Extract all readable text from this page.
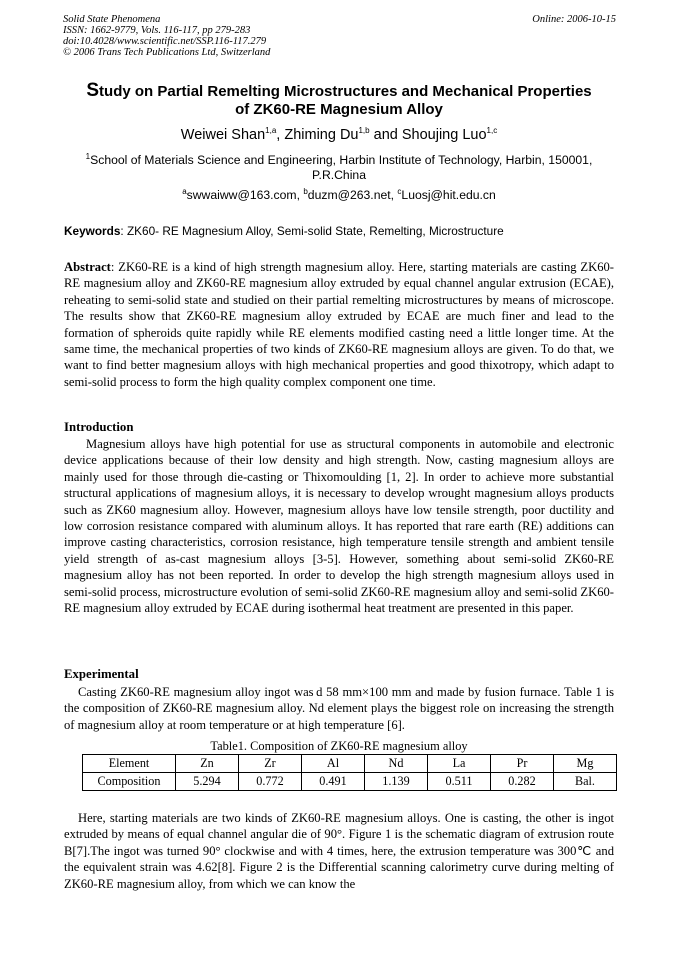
Solid State Phenomena
ISSN: 1662-9779, Vols. 116-117, pp 279-283
doi:10.4028/www.scientific.net/SSP.116-117.279
© 2006 Trans Tech Publications Ltd, Switzerland
Online: 2006-10-15
Study on Partial Remelting Microstructures and Mechanical Properties
of ZK60-RE Magnesium Alloy
Weiwei Shan$^{1,a}$, Zhiming Du$^{1,b}$ and Shoujing Luo$^{1,c}$
$^1$School of Materials Science and Engineering, Harbin Institute of Technology, Harbin, 150001, P.R.China
$^a$swwaiww@163.com, $^b$duzm@263.net, $^c$Luosj@hit.edu.cn
Keywords: ZK60- RE Magnesium Alloy, Semi-solid State, Remelting, Microstructure
Abstract: ZK60-RE is a kind of high strength magnesium alloy. Here, starting materials are casting ZK60-RE magnesium alloy and ZK60-RE magnesium alloy extruded by equal channel angular extrusion (ECAE), reheating to semi-solid state and studied on their partial remelting microstructures by means of microscope. The results show that ZK60-RE magnesium alloy extruded by ECAE are much finer and lead to the formation of spheroids quite rapidly while RE elements modified casting need a little longer time. At the same time, the mechanical properties of two kinds of ZK60-RE magnesium alloys are given. To do that, we want to find better magnesium alloys with high mechanical properties and good thixotropy, which adapt to semi-solid process to form the high quality complex component one time.
Introduction
Magnesium alloys have high potential for use as structural components in automobile and electronic device applications because of their low density and high strength. Now, casting magnesium alloys are mainly used for those through die-casting or Thixomoulding [1, 2]. In order to achieve more substantial structural applications of magnesium alloys, it is necessary to develop wrought magnesium alloys products such as ZK60 magnesium alloy. However, magnesium alloys have low tensile strength, poor ductility and low corrosion resistance compared with aluminum alloys. It has reported that rare earth (RE) additions can improve casting characteristics, corrosion resistance, high temperature tensile strength and ambient tensile yield strength of as-cast magnesium alloys [3-5]. However, something about semi-solid ZK60-RE magnesium alloy has not been reported. In order to develop the high strength magnesium alloys used in semi-solid process, microstructure evolution of semi-solid ZK60-RE magnesium alloy and semi-solid ZK60-RE magnesium alloy extruded by ECAE during isothermal heat treatment are presented in this paper.
Experimental
Casting ZK60-RE magnesium alloy ingot was d 58 mm×100 mm and made by fusion furnace. Table 1 is the composition of ZK60-RE magnesium alloy. Nd element plays the biggest role on increasing the strength of magnesium alloy at room temperature or at high temperature [6].
Table1. Composition of ZK60-RE magnesium alloy
Element	Zn	Zr	Al	Nd	La	Pr	Mg
Composition	5.294	0.772	0.491	1.139	0.511	0.282	Bal.
Here, starting materials are two kinds of ZK60-RE magnesium alloys. One is casting, the other is ingot extruded by means of equal channel angular die of 90°. Figure 1 is the schematic diagram of extrusion route B[7].The ingot was turned 90° clockwise and with 4 times, here, the extrusion temperature was 300℃ and the equivalent strain was 4.62[8]. Figure 2 is the Differential scanning calorimetry curve during melting of ZK60-RE magnesium alloy, from which we can know the
